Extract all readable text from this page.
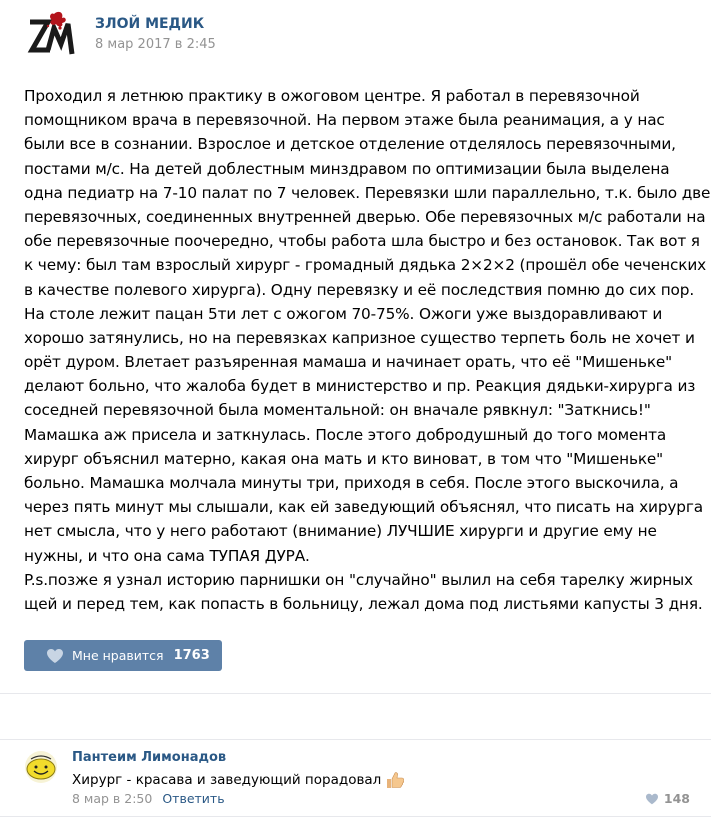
ЗЛОЙ МЕДИК
8 мар 2017 в 2:45
Проходил я летнюю практику в ожоговом центре. Я работал в перевязочной
помощником врача в перевязочной. На первом этаже была реанимация, а у нас
были все в сознании. Взрослое и детское отделение отделялось перевязочными,
постами м/с. На детей доблестным минздравом по оптимизации была выделена
одна педиатр на 7-10 палат по 7 человек. Перевязки шли параллельно, т.к. было две
перевязочных, соединенных внутренней дверью. Обе перевязочных м/с работали на
обе перевязочные поочередно, чтобы работа шла быстро и без остановок. Так вот я
к чему: был там взрослый хирург - громадный дядька 2×2×2 (прошёл обе чеченских
в качестве полевого хирурга). Одну перевязку и её последствия помню до сих пор.
На столе лежит пацан 5ти лет с ожогом 70-75%. Ожоги уже выздоравливают и
хорошо затянулись, но на перевязках капризное существо терпеть боль не хочет и
орёт дуром. Влетает разъяренная мамаша и начинает орать, что её "Мишеньке"
делают больно, что жалоба будет в министерство и пр. Реакция дядьки-хирурга из
соседней перевязочной была моментальной: он вначале рявкнул: "Заткнись!"
Мамашка аж присела и заткнулась. После этого добродушный до того момента
хирург объяснил матерно, какая она мать и кто виноват, в том что "Мишеньке"
больно. Мамашка молчала минуты три, приходя в себя. После этого выскочила, а
через пять минут мы слышали, как ей заведующий объяснял, что писать на хирурга
нет смысла, что у него работают (внимание) ЛУЧШИЕ хирурги и другие ему не
нужны, и что она сама ТУПАЯ ДУРА.
P.s.позже я узнал историю парнишки он "случайно" вылил на себя тарелку жирных
щей и перед тем, как попасть в больницу, лежал дома под листьями капусты 3 дня.
Мне нравится 1763
Пантеим Лимонадов
Хирург - красава и заведующий порадовал
8 мар в 2:50 Ответить	148
